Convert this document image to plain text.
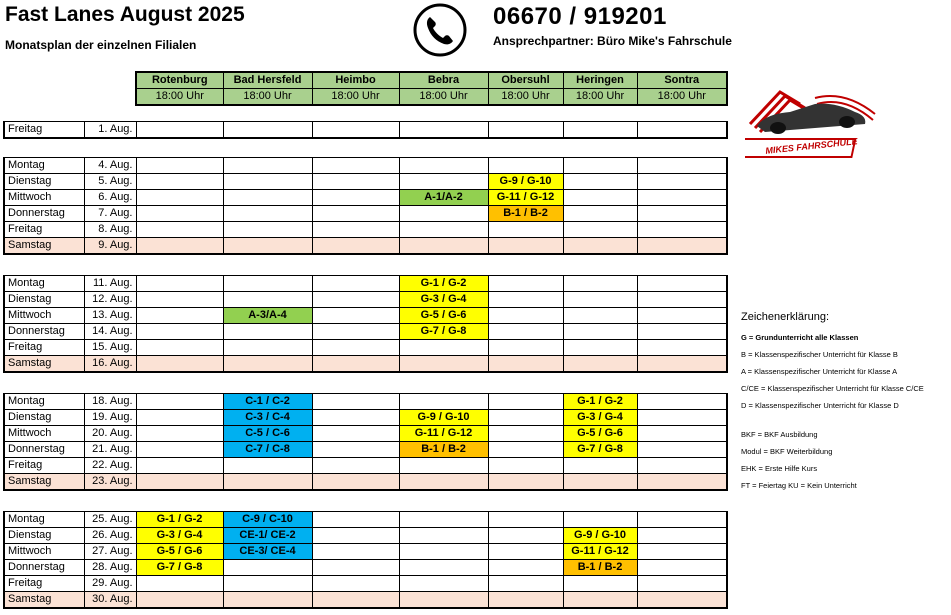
Fast Lanes August 2025
Monatsplan der einzelnen Filialen
06670 / 919201
Ansprechpartner: Büro Mike's Fahrschule
MIKES FAHRSCHULE
Rotenburg	Bad Hersfeld	Heimbo	Bebra	Obersuhl	Heringen	Sontra
18:00 Uhr	18:00 Uhr	18:00 Uhr	18:00 Uhr	18:00 Uhr	18:00 Uhr	18:00 Uhr
Freitag	1. Aug.							
Montag	4. Aug.							
Dienstag	5. Aug.					G-9 / G-10		
Mittwoch	6. Aug.				A-1/A-2	G-11 / G-12		
Donnerstag	7. Aug.					B-1 / B-2		
Freitag	8. Aug.							
Samstag	9. Aug.							
Montag	11. Aug.				G-1 / G-2			
Dienstag	12. Aug.				G-3 / G-4			
Mittwoch	13. Aug.		A-3/A-4		G-5 / G-6			
Donnerstag	14. Aug.				G-7 / G-8			
Freitag	15. Aug.							
Samstag	16. Aug.							
Montag	18. Aug.		C-1 / C-2				G-1 / G-2	
Dienstag	19. Aug.		C-3 / C-4		G-9 / G-10		G-3 / G-4	
Mittwoch	20. Aug.		C-5 / C-6		G-11 / G-12		G-5 / G-6	
Donnerstag	21. Aug.		C-7 / C-8		B-1 / B-2		G-7 / G-8	
Freitag	22. Aug.							
Samstag	23. Aug.							
Montag	25. Aug.	G-1 / G-2	C-9 / C-10					
Dienstag	26. Aug.	G-3 / G-4	CE-1/ CE-2				G-9 / G-10	
Mittwoch	27. Aug.	G-5 / G-6	CE-3/ CE-4				G-11 / G-12	
Donnerstag	28. Aug.	G-7 / G-8					B-1 / B-2	
Freitag	29. Aug.							
Samstag	30. Aug.							
Zeichenerklärung:
G = Grundunterricht alle Klassen
B = Klassenspezifischer Unterricht für Klasse B
A = Klassenspezifischer Unterricht für Klasse A
C/CE = Klassenspezifischer Unterricht für Klasse C/CE
D = Klassenspezifischer Unterricht für Klasse D
BKF = BKF Ausbildung
Modul = BKF Weiterbildung
EHK = Erste Hilfe Kurs
FT = Feiertag KU = Kein Unterricht
